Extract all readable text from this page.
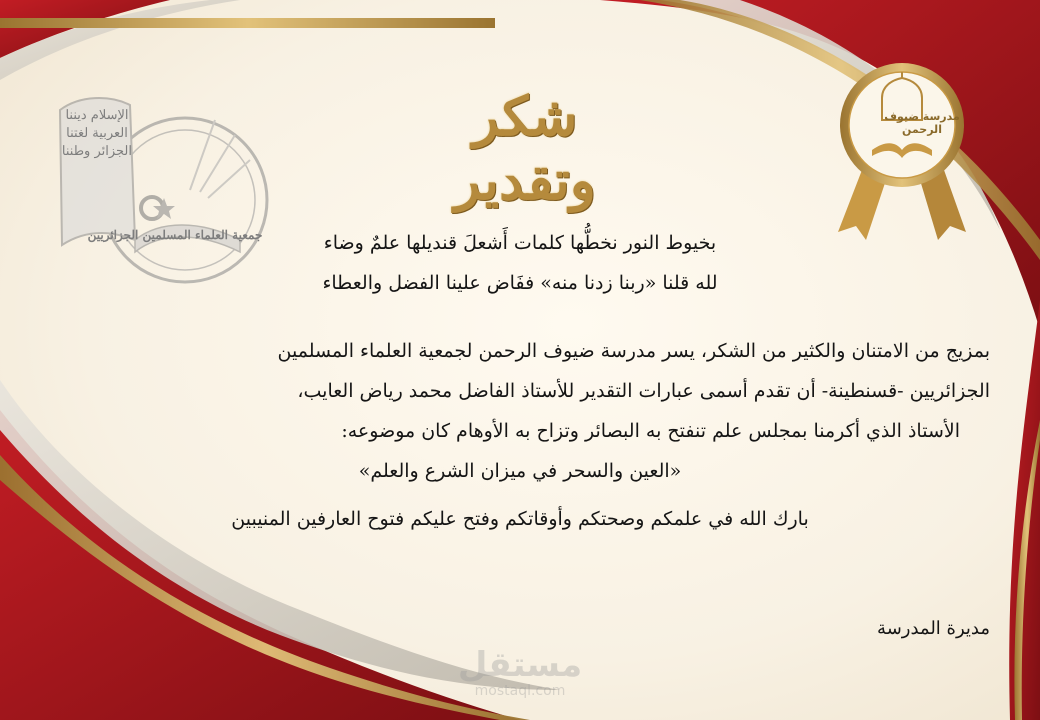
الإسلام ديننا
العربية لغتنا
الجزائر وطننا
جمعية العلماء المسلمين الجزائريين
شكر وتقدير
مدرسة ضيوف الرحمن
بخيوط النور نخطُّها كلمات أَشعلَ قنديلها علمٌ وضاء
لله قلنا «ربنا زدنا منه» ففَاض علينا الفضل والعطاء
بمزيج من الامتنان والكثير من الشكر، يسر مدرسة ضيوف الرحمن لجمعية العلماء المسلمين
الجزائريين -قسنطينة- أن تقدم أسمى عبارات التقدير للأستاذ الفاضل محمد رياض العايب،
الأستاذ الذي أكرمنا بمجلس علم تنفتح به البصائر وتزاح به الأوهام كان موضوعه:
«العين والسحر في ميزان الشرع والعلم»
بارك الله في علمكم وصحتكم وأوقاتكم وفتح عليكم فتوح العارفين المنيبين
مديرة المدرسة
مستقل
mostaql.com
